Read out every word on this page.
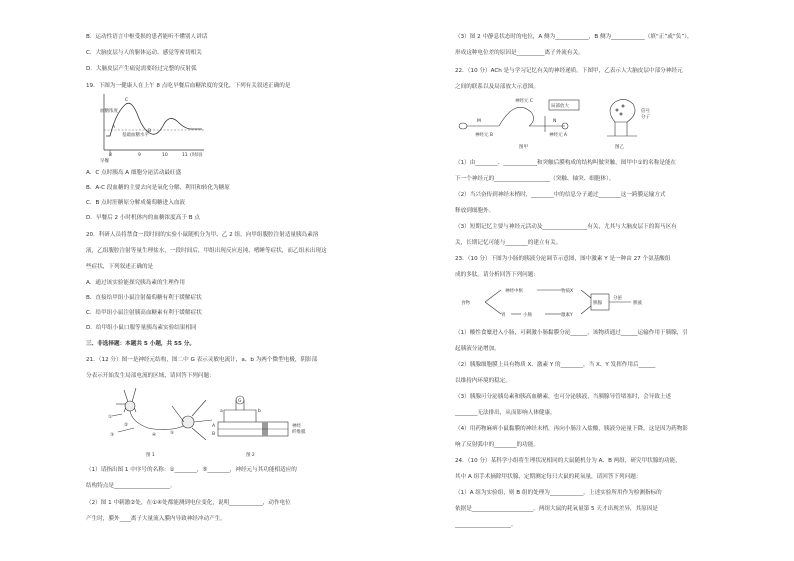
B．运动性语言中枢受损的患者能听不懂别人讲话
C．大脑皮层与人的躯体运动、感觉等密切相关
D．大脑皮层产生痛觉需要经过完整的反射弧
19．下图为一健康人在上午 8 点吃早餐后血糖浓度的变化，下列有关叙述正确的是
血糖浓度
C
A
B
基础血糖水平
8	9	10	11 (时间)
早餐
A．C 点时胰岛 A 细胞分泌活动最旺盛
B．A-C 段血糖的主要去向是氧化分解、利用和转化为糖原
C．B 点时肝糖原分解成葡萄糖进入血液
D．早餐后 2 小时机体内的血糖浓度高于 B 点
20．科研人员将禁食一段时间的实验小鼠随机分为甲、乙 2 组，向甲组腹腔注射适量胰岛素溶
液，乙组腹腔注射等量生理盐水，一段时间后，甲组出现反应迟钝、嗜睡等症状，而乙组未出现这
些症状，下列叙述正确的是
A．通过该实验能探究胰岛素的生理作用
B．直接给甲组小鼠注射葡萄糖有利于缓解症状
C．给甲组小鼠注射胰高血糖素有利于缓解症状
D．给甲组小鼠口服等量胰岛素实验结果相同
三、非选择题：本题共 5 小题，共 55 分。
21．（12 分）图一是神经元结构，图二中 G 表示灵敏电流计，a、b 为两个微型电极，阴影部
分表示开始发生局部电流的区域，请回答下列问题：
①
②
③	④	⑤
图 1
G
a	b
A
B
神经
纤维膜
图 2
（1）请指出图 1 中序号的名称：①________，⑤________，神经元与其功能相适应的
结构特点是____________________。
（2）图 1 中刺激②处，在①④处都能测到电位变化，说明____________，动作电位
产生时，膜外____离子大量流入膜内导致神经冲动产生。
（3）图 2 中静息状态时的电位，A 侧为____________，B 侧为____________（填“正”或“负”），
形成这种电位差的原因是__________离子外流有关。
22．（10 分）ACh 是与学习记忆有关的神经递质。下图甲，乙表示人大脑皮层中部分神经元
之间的联系以及局部放大示意图。
神经元 C
局部放大
M	N
神经元 B	神经元 A
信号
分子
图甲	图乙
（1）由________、____________和突触后膜构成的结构叫做突触，图甲中①的名称是能在
下一个神经元的____________________（突触、轴突、细胞体）。
（2）当兴奋传到神经末梢时，________中的信息分子通过________这一跨膜运输方式
释放到细胞外。
（3）短期记忆主要与神经元活动及________________有关，尤其与大脑皮层下的海马区有
关，长期记忆可能与________的建立有关。
23．（10 分）下图为小肠的胰液分泌调节示意图，图中激素 Y 是一种由 27 个氨基酸组
成的多肽。请分析回答下列问题：
食物
神经中枢	物质X
胃	小肠	激素Y
胰腺
分泌
胰液
（1）酸性食糜进入小肠，可刺激小肠黏膜分泌______，该物质通过______运输作用于胰腺，引
起胰液分泌增加。
（2）胰腺细胞膜上具有物质 X、激素 Y 的________，当 X、Y 发挥作用后______
以维持内环境的稳定。
（3）胰腺可分泌胰岛素和胰高血糖素，也可分泌胰液，当胰腺导管堵塞时，会导致上述
________无法排出，从而影响人体健康。
（4）用药物麻痹小鼠黏膜的神经末梢，再向小肠注入盐酸，胰液分泌量下降，这是因为药物影
响了反射弧中的________的功能。
24．（10 分）某科学小组将生理状况相同的大鼠随机分为 A、B 两组，研究甲状腺的功能，
其中 A 组手术摘除甲状腺，定期测定每只大鼠的耗氧量，请回答下列问题：
（1）A 组为实验组，则 B 组的处理为____________。上述实验所用作为检测指标的
依据是______________________。两组大鼠的耗氧量第 5 天才出现差异，其原因是
____________________。
